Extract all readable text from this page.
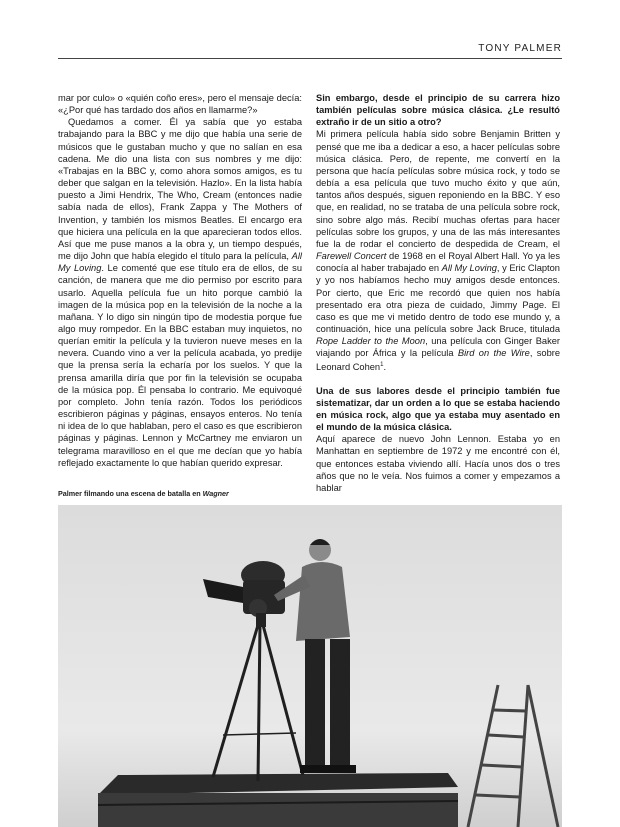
TONY PALMER

mar por culo» o «quién coño eres», pero el mensaje decía: «¿Por qué has tardado dos años en llamarme?»

Quedamos a comer. Él ya sabía que yo estaba trabajando para la BBC y me dijo que había una serie de músicos que le gustaban mucho y que no salían en esa cadena. Me dio una lista con sus nombres y me dijo: «Trabajas en la BBC y, como ahora somos amigos, es tu deber que salgan en la televisión. Hazlo». En la lista había puesto a Jimi Hendrix, The Who, Cream (entonces nadie sabía nada de ellos), Frank Zappa y The Mothers of Invention, y también los mismos Beatles. El encargo era que hiciera una película en la que aparecieran todos ellos. Así que me puse manos a la obra y, un tiempo después, me dijo John que había elegido el título para la película, All My Loving. Le comenté que ese título era de ellos, de su canción, de manera que me dio permiso por escrito para usarlo. Aquella película fue un hito porque cambió la imagen de la música pop en la televisión de la noche a la mañana. Y lo digo sin ningún tipo de modestia porque fue algo muy rompedor. En la BBC estaban muy inquietos, no querían emitir la película y la tuvieron nueve meses en la nevera. Cuando vino a ver la película acabada, yo predije que la prensa sería la echaría por los suelos. Y que la prensa amarilla diría que por fin la televisión se ocupaba de la música pop. Él pensaba lo contrario. Me equivoqué por completo. John tenía razón. Todos los periódicos escribieron páginas y páginas, ensayos enteros. No tenía ni idea de lo que hablaban, pero el caso es que escribieron páginas y páginas. Lennon y McCartney me enviaron un telegrama maravilloso en el que me decían que yo había reflejado exactamente lo que habían querido expresar.

Sin embargo, desde el principio de su carrera hizo también películas sobre música clásica. ¿Le resultó extraño ir de un sitio a otro?

Mi primera película había sido sobre Benjamin Britten y pensé que me iba a dedicar a eso, a hacer películas sobre música clásica. Pero, de repente, me convertí en la persona que hacía películas sobre música rock, y todo se debía a esa película que tuvo mucho éxito y que aún, tantos años después, siguen reponiendo en la BBC. Y eso que, en realidad, no se trataba de una película sobre rock, sino sobre algo más. Recibí muchas ofertas para hacer películas sobre los grupos, y una de las más interesantes fue la de rodar el concierto de despedida de Cream, el Farewell Concert de 1968 en el Royal Albert Hall. Yo ya les conocía al haber trabajado en All My Loving, y Eric Clapton y yo nos habíamos hecho muy amigos desde entonces. Por cierto, que Eric me recordó que quien nos había presentado era otra pieza de cuidado, Jimmy Page. El caso es que me vi metido dentro de todo ese mundo y, a continuación, hice una película sobre Jack Bruce, titulada Rope Ladder to the Moon, una película con Ginger Baker viajando por África y la película Bird on the Wire, sobre Leonard Cohen$^1$.

Una de sus labores desde el principio también fue sistematizar, dar un orden a lo que se estaba haciendo en música rock, algo que ya estaba muy asentado en el mundo de la música clásica.

Aquí aparece de nuevo John Lennon. Estaba yo en Manhattan en septiembre de 1972 y me encontré con él, que entonces estaba viviendo allí. Hacía unos dos o tres años que no le veía. Nos fuimos a comer y empezamos a hablar

Palmer filmando una escena de batalla en Wagner
